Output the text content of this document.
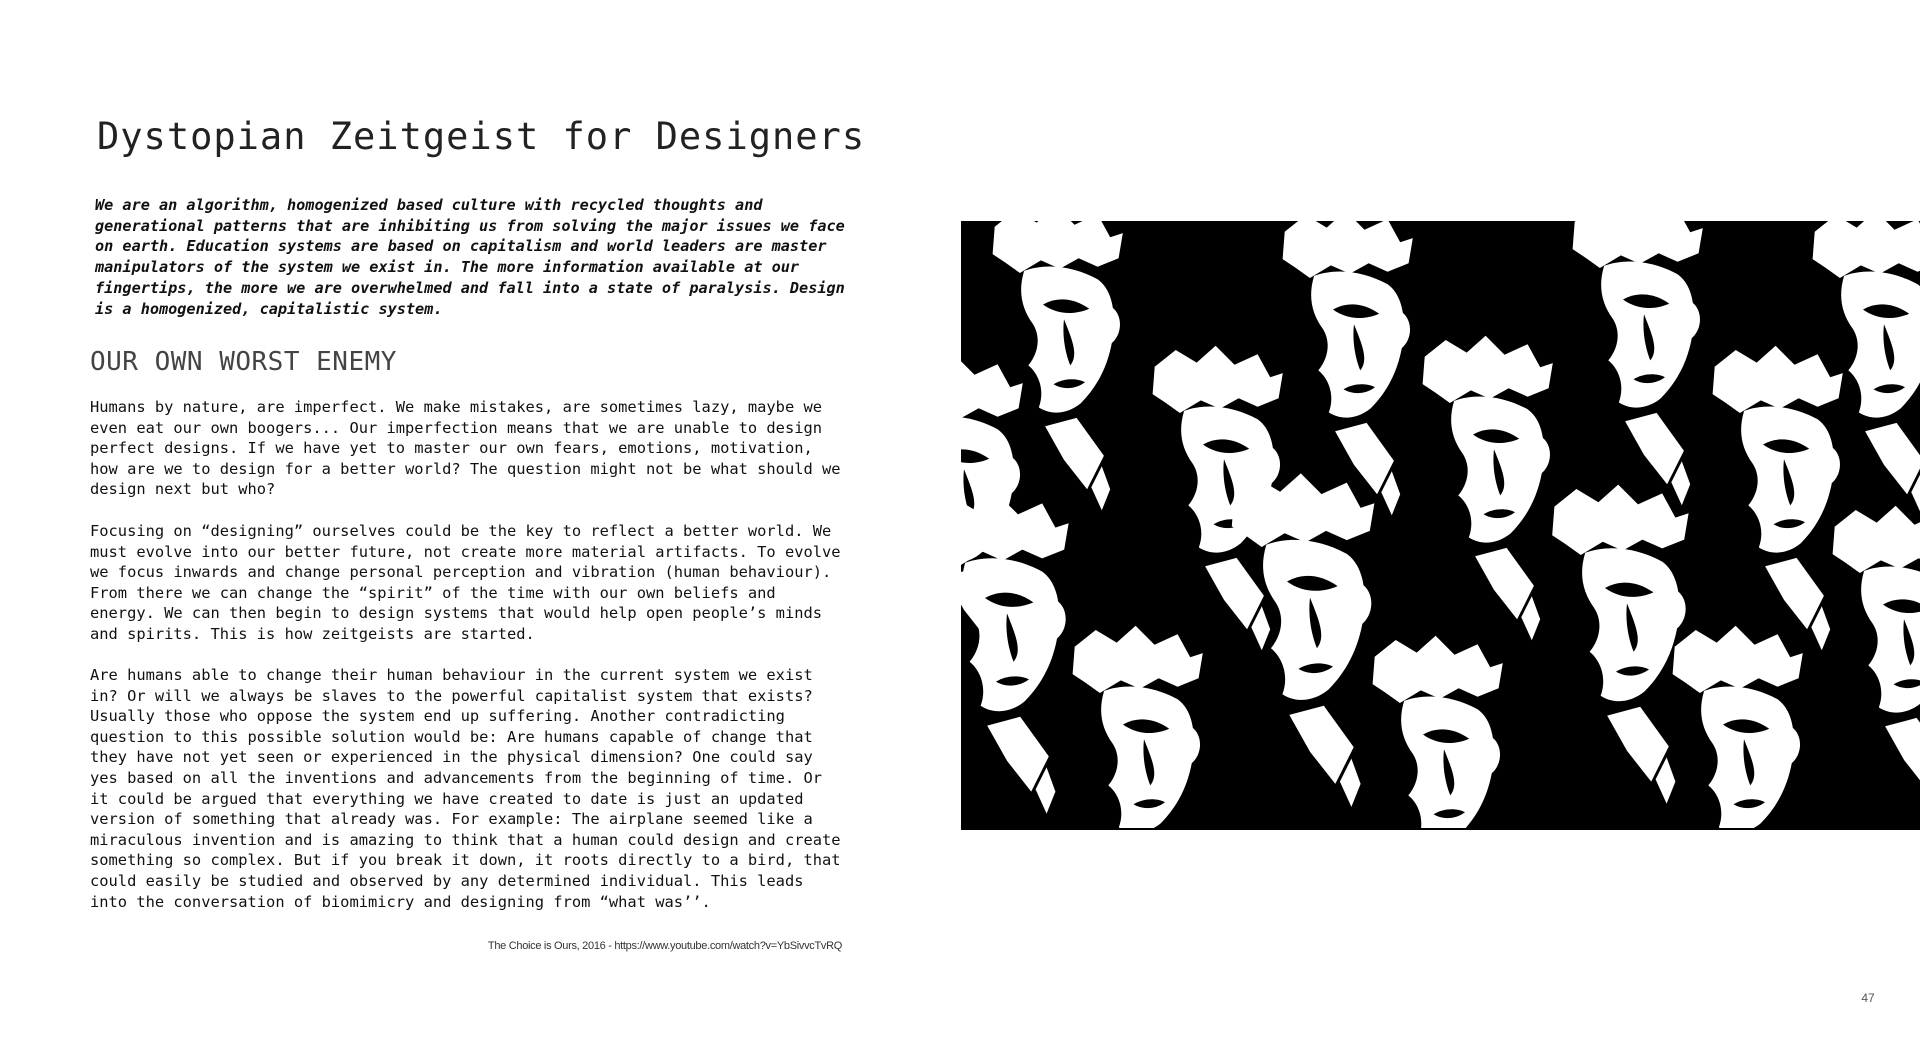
Dystopian Zeitgeist for Designers

We are an algorithm, homogenized based culture with recycled thoughts and generational patterns that are inhibiting us from solving the major issues we face on earth. Education systems are based on capitalism and world leaders are master manipulators of the system we exist in. The more information available at our fingertips, the more we are overwhelmed and fall into a state of paralysis. Design is a homogenized, capitalistic system.

OUR OWN WORST ENEMY

Humans by nature, are imperfect. We make mistakes, are sometimes lazy, maybe we even eat our own boogers... Our imperfection means that we are unable to design perfect designs. If we have yet to master our own fears, emotions, motivation, how are we to design for a better world? The question might not be what should we design next but who?

Focusing on “designing” ourselves could be the key to reflect a better world. We must evolve into our better future, not create more material artifacts. To evolve we focus inwards and change personal perception and vibration (human behaviour). From there we can change the “spirit” of the time with our own beliefs and energy. We can then begin to design systems that would help open people’s minds and spirits. This is how zeitgeists are started.

Are humans able to change their human behaviour in the current system we exist in? Or will we always be slaves to the powerful capitalist system that exists? Usually those who oppose the system end up suffering. Another contradicting question to this possible solution would be: Are humans capable of change that they have not yet seen or experienced in the physical dimension? One could say yes based on all the inventions and advancements from the beginning of time. Or it could be argued that everything we have created to date is just an updated version of something that already was. For example: The airplane seemed like a miraculous invention and is amazing to think that a human could design and create something so complex. But if you break it down, it roots directly to a bird, that could easily be studied and observed by any determined individual. This leads into the conversation of biomimicry and designing from “what was’’.

The Choice is Ours, 2016 - https://www.youtube.com/watch?v=YbSivvcTvRQ

47
